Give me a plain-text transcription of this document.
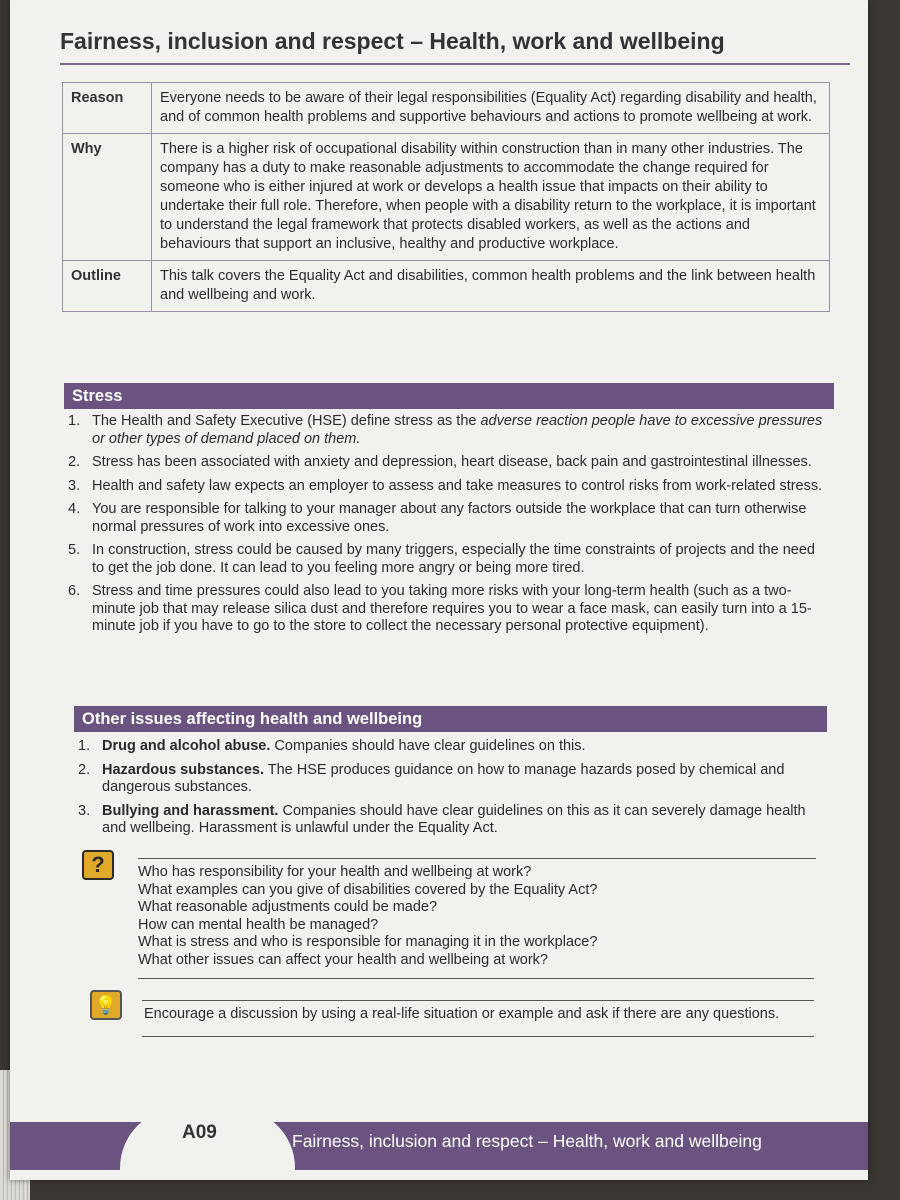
Fairness, inclusion and respect – Health, work and wellbeing
Reason	Everyone needs to be aware of their legal responsibilities (Equality Act) regarding disability and health, and of common health problems and supportive behaviours and actions to promote wellbeing at work.
Why	There is a higher risk of occupational disability within construction than in many other industries. The company has a duty to make reasonable adjustments to accommodate the change required for someone who is either injured at work or develops a health issue that impacts on their ability to undertake their full role. Therefore, when people with a disability return to the workplace, it is important to understand the legal framework that protects disabled workers, as well as the actions and behaviours that support an inclusive, healthy and productive workplace.
Outline	This talk covers the Equality Act and disabilities, common health problems and the link between health and wellbeing and work.
Stress
1. The Health and Safety Executive (HSE) define stress as the adverse reaction people have to excessive pressures or other types of demand placed on them.
2. Stress has been associated with anxiety and depression, heart disease, back pain and gastrointestinal illnesses.
3. Health and safety law expects an employer to assess and take measures to control risks from work-related stress.
4. You are responsible for talking to your manager about any factors outside the workplace that can turn otherwise normal pressures of work into excessive ones.
5. In construction, stress could be caused by many triggers, especially the time constraints of projects and the need to get the job done. It can lead to you feeling more angry or being more tired.
6. Stress and time pressures could also lead to you taking more risks with your long-term health (such as a two-minute job that may release silica dust and therefore requires you to wear a face mask, can easily turn into a 15-minute job if you have to go to the store to collect the necessary personal protective equipment).
Other issues affecting health and wellbeing
1. Drug and alcohol abuse. Companies should have clear guidelines on this.
2. Hazardous substances. The HSE produces guidance on how to manage hazards posed by chemical and dangerous substances.
3. Bullying and harassment. Companies should have clear guidelines on this as it can severely damage health and wellbeing. Harassment is unlawful under the Equality Act.
?	Who has responsibility for your health and wellbeing at work?
What examples can you give of disabilities covered by the Equality Act?
What reasonable adjustments could be made?
How can mental health be managed?
What is stress and who is responsible for managing it in the workplace?
What other issues can affect your health and wellbeing at work?
💡	Encourage a discussion by using a real-life situation or example and ask if there are any questions.
A09	Fairness, inclusion and respect – Health, work and wellbeing
